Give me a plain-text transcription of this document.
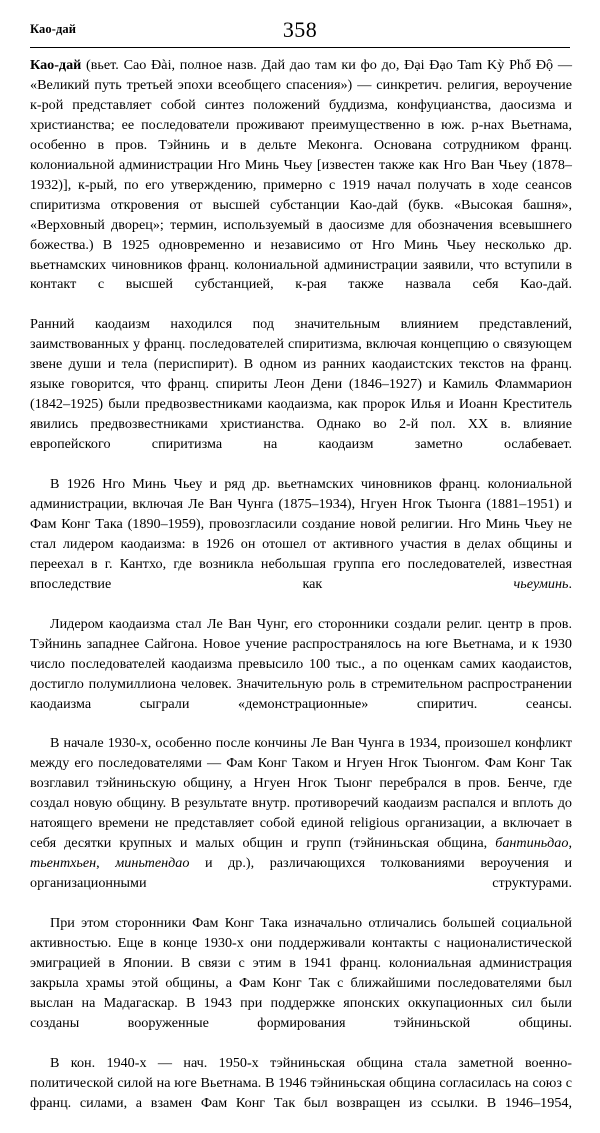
Као-дай	358

Као-дай (вьет. Cao Đài, полное назв. Дай дао там ки фо до, Đại Đạo Tam Kỳ Phổ Độ — «Великий путь третьей эпохи всеобщего спасения») — синкретич. религия, вероучение к-рой представляет собой синтез положений буддизма, конфуцианства, даосизма и христианства; ее последователи проживают преимущественно в юж. р-нах Вьетнама, особенно в пров. Тэйнинь и в дельте Меконга. Основана сотрудником франц. колониальной администрации Нго Минь Чьеу [известен также как Нго Ван Чьеу (1878–1932)], к-рый, по его утверждению, примерно с 1919 начал получать в ходе сеансов спиритизма откровения от высшей субстанции Као-дай (букв. «Высокая башня», «Верховный дворец»; термин, используемый в даосизме для обозначения всевышнего божества.) В 1925 одновременно и независимо от Нго Минь Чьеу несколько др. вьетнамских чиновников франц. колониальной администрации заявили, что вступили в контакт с высшей субстанцией, к-рая также назвала себя Као-дай.

Ранний каодаизм находился под значительным влиянием представлений, заимствованных у франц. последователей спиритизма, включая концепцию о связующем звене души и тела (периспирит). В одном из ранних каодаистских текстов на франц. языке говорится, что франц. спириты Леон Дени (1846–1927) и Камиль Фламмарион (1842–1925) были предвозвестниками каодаизма, как пророк Илья и Иоанн Креститель явились предвозвестниками христианства. Однако во 2-й пол. XX в. влияние европейского спиритизма на каодаизм заметно ослабевает.

В 1926 Нго Минь Чьеу и ряд др. вьетнамских чиновников франц. колониальной администрации, включая Ле Ван Чунга (1875–1934), Нгуен Нгок Тыонга (1881–1951) и Фам Конг Така (1890–1959), провозгласили создание новой религии. Нго Минь Чьеу не стал лидером каодаизма: в 1926 он отошел от активного участия в делах общины и переехал в г. Кантхо, где возникла небольшая группа его последователей, известная впоследствие как чьеуминь.

Лидером каодаизма стал Ле Ван Чунг, его сторонники создали религ. центр в пров. Тэйнинь западнее Сайгона. Новое учение распространялось на юге Вьетнама, и к 1930 число последователей каодаизма превысило 100 тыс., а по оценкам самих каодаистов, достигло полумиллиона человек. Значительную роль в стремительном распространении каодаизма сыграли «демонстрационные» спиритич. сеансы.

В начале 1930-х, особенно после кончины Ле Ван Чунга в 1934, произошел конфликт между его последователями — Фам Конг Таком и Нгуен Нгок Тыонгом. Фам Конг Так возглавил тэйниньскую общину, а Нгуен Нгок Тыонг перебрался в пров. Бенче, где создал новую общину. В результате внутр. противоречий каодаизм распался и вплоть до натоящего времени не представляет собой единой religious организации, а включает в себя десятки крупных и малых общин и групп (тэйниньская община, бантиньдао, тьентхьен, миньтендао и др.), различающихся толкованиями вероучения и организационными структурами.

При этом сторонники Фам Конг Така изначально отличались большей социальной активностью. Еще в конце 1930-х они поддерживали контакты с националистической эмиграцией в Японии. В связи с этим в 1941 франц. колониальная администрация закрыла храмы этой общины, а Фам Конг Так с ближайшими последователями был выслан на Мадагаскар. В 1943 при поддержке японских оккупационных сил были созданы вооруженные формирования тэйниньской общины.

В кон. 1940-х — нач. 1950-х тэйниньская община стала заметной военно-политической силой на юге Вьетнама. В 1946 тэйниньская община согласилась на союз с франц. силами, а взамен Фам Конг Так был возвращен из ссылки. В 1946–1954,
